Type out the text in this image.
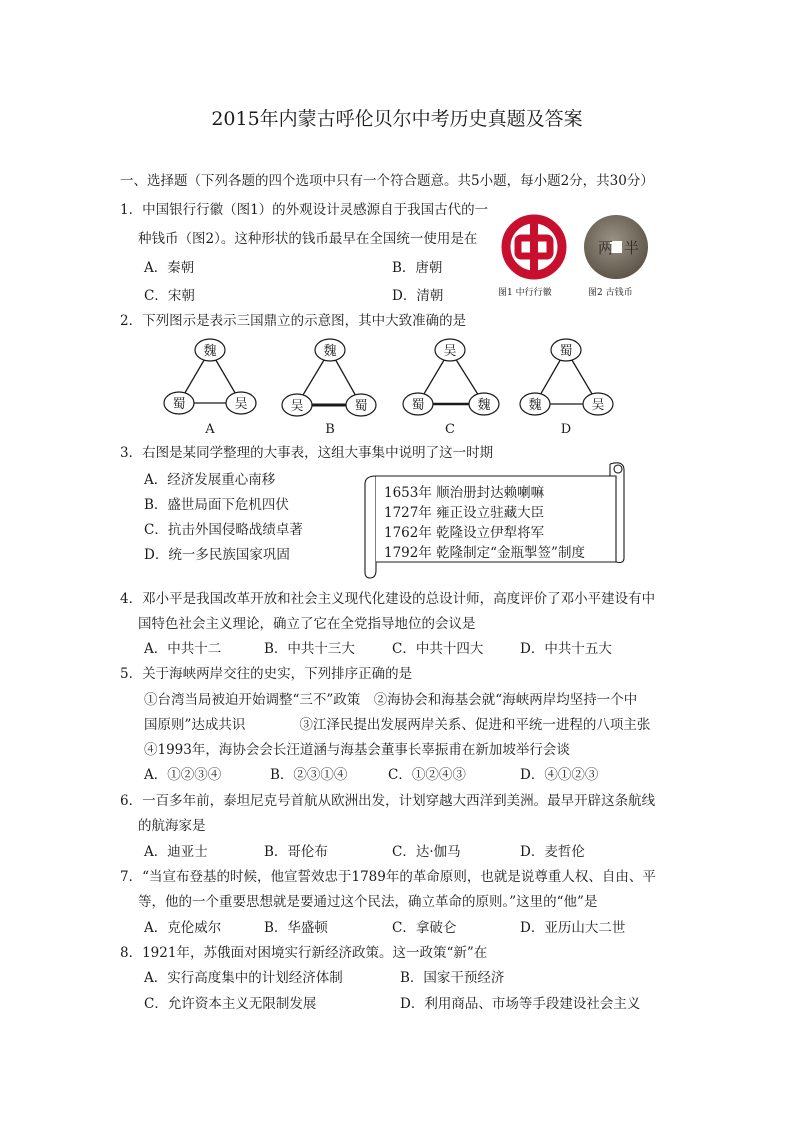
2015年内蒙古呼伦贝尔中考历史真题及答案
一、选择题（下列各题的四个选项中只有一个符合题意。共5小题，每小题2分，共30分）
1．中国银行行徽（图1）的外观设计灵感源自于我国古代的一
种钱币（图2）。这种形状的钱币最早在全国统一使用是在
A．秦朝	B．唐朝
C．宋朝	D．清朝	图1 中行行徽
两 半
图2 古钱币
2．下列图示是表示三国鼎立的示意图，其中大致准确的是
魏
蜀	吴
魏
吴	蜀
吴
蜀	魏
蜀
魏	吴
A	B	C	D
3．右图是某同学整理的大事表，这组大事集中说明了这一时期
A．经济发展重心南移
B．盛世局面下危机四伏
C．抗击外国侵略战绩卓著
D．统一多民族国家巩固
1653年 顺治册封达赖喇嘛
1727年 雍正设立驻藏大臣
1762年 乾隆设立伊犁将军
1792年 乾隆制定“金瓶掣签”制度
4．邓小平是我国改革开放和社会主义现代化建设的总设计师，高度评价了邓小平建设有中
国特色社会主义理论，确立了它在全党指导地位的会议是
A．中共十二	B．中共十三大	C．中共十四大	D．中共十五大
5．关于海峡两岸交往的史实，下列排序正确的是
①台湾当局被迫开始调整“三不”政策　②海协会和海基会就“海峡两岸均坚持一个中
国原则”达成共识　　　　③江泽民提出发展两岸关系、促进和平统一进程的八项主张
④1993年，海协会会长汪道涵与海基会董事长辜振甫在新加坡举行会谈
A．①②③④	B．②③①④	C．①②④③	D．④①②③
6．一百多年前，泰坦尼克号首航从欧洲出发，计划穿越大西洋到美洲。最早开辟这条航线
的航海家是
A．迪亚士	B．哥伦布	C．达·伽马	D．麦哲伦
7．“当宣布登基的时候，他宣誓效忠于1789年的革命原则，也就是说尊重人权、自由、平
等，他的一个重要思想就是要通过这个民法，确立革命的原则。”这里的“他”是
A．克伦威尔	B．华盛顿	C．拿破仑	D．亚历山大二世
8．1921年，苏俄面对困境实行新经济政策。这一政策“新”在
A．实行高度集中的计划经济体制	B．国家干预经济
C．允许资本主义无限制发展	D．利用商品、市场等手段建设社会主义
